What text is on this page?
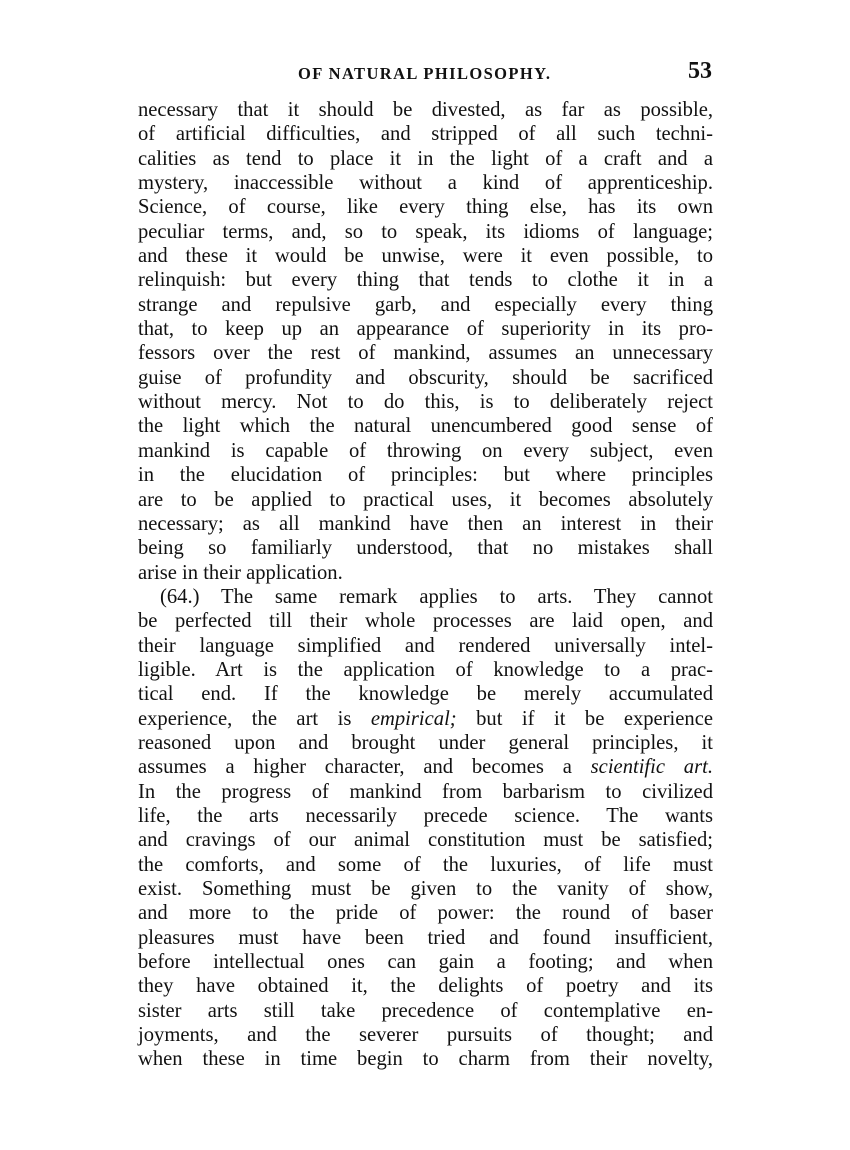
OF NATURAL PHILOSOPHY.	53

necessary that it should be divested, as far as possible,
of artificial difficulties, and stripped of all such techni-
calities as tend to place it in the light of a craft and a
mystery, inaccessible without a kind of apprenticeship.
Science, of course, like every thing else, has its own
peculiar terms, and, so to speak, its idioms of language;
and these it would be unwise, were it even possible, to
relinquish: but every thing that tends to clothe it in a
strange and repulsive garb, and especially every thing
that, to keep up an appearance of superiority in its pro-
fessors over the rest of mankind, assumes an unnecessary
guise of profundity and obscurity, should be sacrificed
without mercy. Not to do this, is to deliberately reject
the light which the natural unencumbered good sense of
mankind is capable of throwing on every subject, even
in the elucidation of principles: but where principles
are to be applied to practical uses, it becomes absolutely
necessary; as all mankind have then an interest in their
being so familiarly understood, that no mistakes shall
arise in their application.

(64.) The same remark applies to arts. They cannot
be perfected till their whole processes are laid open, and
their language simplified and rendered universally intel-
ligible. Art is the application of knowledge to a prac-
tical end. If the knowledge be merely accumulated
experience, the art is empirical; but if it be experience
reasoned upon and brought under general principles, it
assumes a higher character, and becomes a scientific art.
In the progress of mankind from barbarism to civilized
life, the arts necessarily precede science. The wants
and cravings of our animal constitution must be satisfied;
the comforts, and some of the luxuries, of life must
exist. Something must be given to the vanity of show,
and more to the pride of power: the round of baser
pleasures must have been tried and found insufficient,
before intellectual ones can gain a footing; and when
they have obtained it, the delights of poetry and its
sister arts still take precedence of contemplative en-
joyments, and the severer pursuits of thought; and
when these in time begin to charm from their novelty,
